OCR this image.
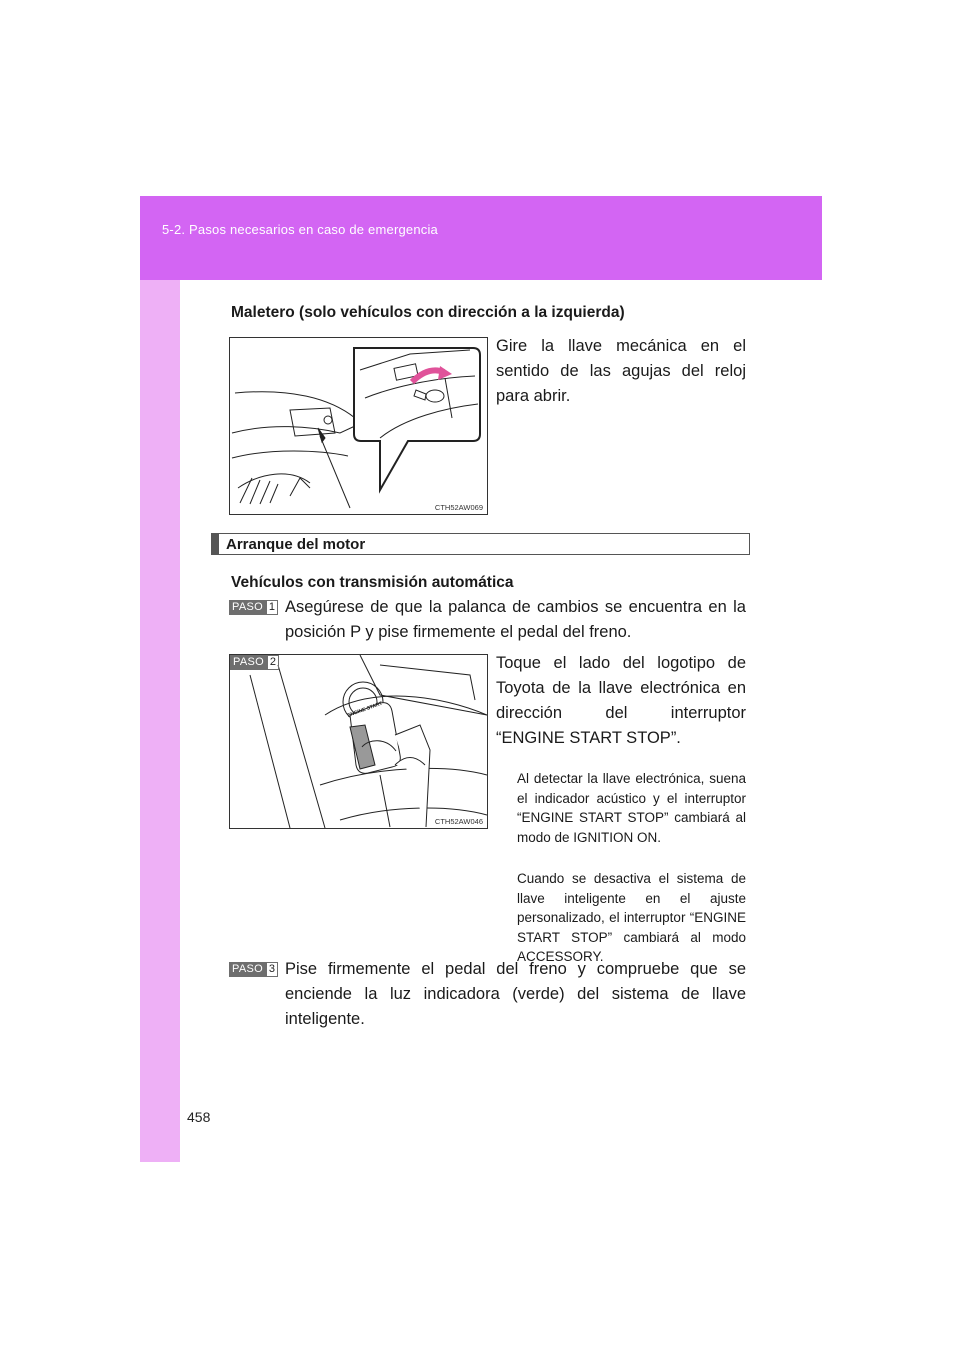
5-2. Pasos necesarios en caso de emergencia
Maletero (solo vehículos con dirección a la izquierda)
CTH52AW069
Gire la llave mecánica en el
sentido de las agujas del reloj
para abrir.
Arranque del motor
Vehículos con transmisión automática
PASO 1 Asegúrese de que la palanca de cambios se encuentra en la posición P y pise firmemente el pedal del freno.
PASO 2
ENGINE START
CTH52AW046
Toque el lado del logotipo de
Toyota de la llave electrónica en
dirección del interruptor
“ENGINE START STOP”.
Al detectar la llave electrónica, suena el indicador acústico y el interruptor “ENGINE START STOP” cambiará al modo de IGNITION ON.
Cuando se desactiva el sistema de llave inteligente en el ajuste personalizado, el interruptor “ENGINE START STOP” cambiará al modo ACCESSORY.
PASO 3 Pise firmemente el pedal del freno y compruebe que se enciende la luz indicadora (verde) del sistema de llave inteligente.
458
